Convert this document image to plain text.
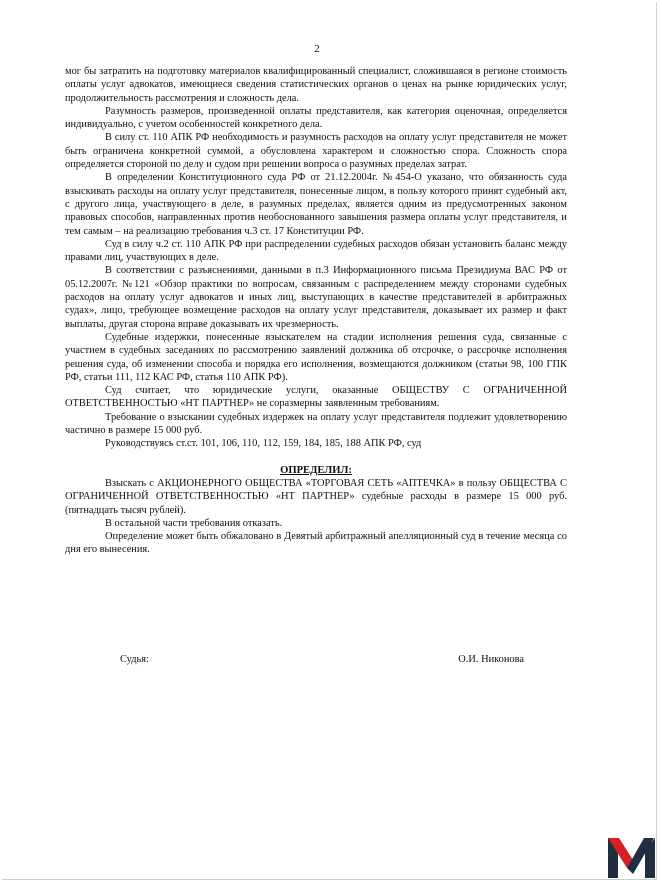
2

мог бы затратить на подготовку материалов квалифицированный специалист, сложившаяся в регионе стоимость оплаты услуг адвокатов, имеющиеся сведения статистических органов о ценах на рынке юридических услуг, продолжительность рассмотрения и сложность дела.

Разумность размеров, произведенной оплаты представителя, как категория оценочная, определяется индивидуально, с учетом особенностей конкретного дела.

В силу ст. 110 АПК РФ необходимость и разумность расходов на оплату услуг представителя не может быть ограничена конкретной суммой, а обусловлена характером и сложностью спора. Сложность спора определяется стороной по делу и судом при решении вопроса о разумных пределах затрат.

В определении Конституционного суда РФ от 21.12.2004г. №454-О указано, что обязанность суда взыскивать расходы на оплату услуг представителя, понесенные лицом, в пользу которого принят судебный акт, с другого лица, участвующего в деле, в разумных пределах, является одним из предусмотренных законом правовых способов, направленных против необоснованного завышения размера оплаты услуг представителя, и тем самым – на реализацию требования ч.3 ст. 17 Конституции РФ.

Суд в силу ч.2 ст. 110 АПК РФ при распределении судебных расходов обязан установить баланс между правами лиц, участвующих в деле.

В соответствии с разъяснениями, данными в п.3 Информационного письма Президиума ВАС РФ от 05.12.2007г. №121 «Обзор практики по вопросам, связанным с распределением между сторонами судебных расходов на оплату услуг адвокатов и иных лиц, выступающих в качестве представителей в арбитражных судах», лицо, требующее возмещение расходов на оплату услуг представителя, доказывает их размер и факт выплаты, другая сторона вправе доказывать их чрезмерность.

Судебные издержки, понесенные взыскателем на стадии исполнения решения суда, связанные с участием в судебных заседаниях по рассмотрению заявлений должника об отсрочке, о рассрочке исполнения решения суда, об изменении способа и порядка его исполнения, возмещаются должником (статьи 98, 100 ГПК РФ, статьи 111, 112 КАС РФ, статья 110 АПК РФ).

Суд считает, что юридические услуги, оказанные ОБЩЕСТВУ С ОГРАНИЧЕННОЙ ОТВЕТСТВЕННОСТЬЮ «НТ ПАРТНЕР» не соразмерны заявленным требованиям.

Требование о взыскании судебных издержек на оплату услуг представителя подлежит удовлетворению частично в размере 15 000 руб.

Руководствуясь ст.ст. 101, 106, 110, 112, 159, 184, 185, 188 АПК РФ, суд

ОПРЕДЕЛИЛ:

Взыскать с АКЦИОНЕРНОГО ОБЩЕСТВА «ТОРГОВАЯ СЕТЬ «АПТЕЧКА» в пользу ОБЩЕСТВА С ОГРАНИЧЕННОЙ ОТВЕТСТВЕННОСТЬЮ «НТ ПАРТНЕР» судебные расходы в размере 15 000 руб. (пятнадцать тысяч рублей).

В остальной части требования отказать.

Определение может быть обжаловано в Девятый арбитражный апелляционный суд в течение месяца со дня его вынесения.

Судья:	О.И. Никонова
